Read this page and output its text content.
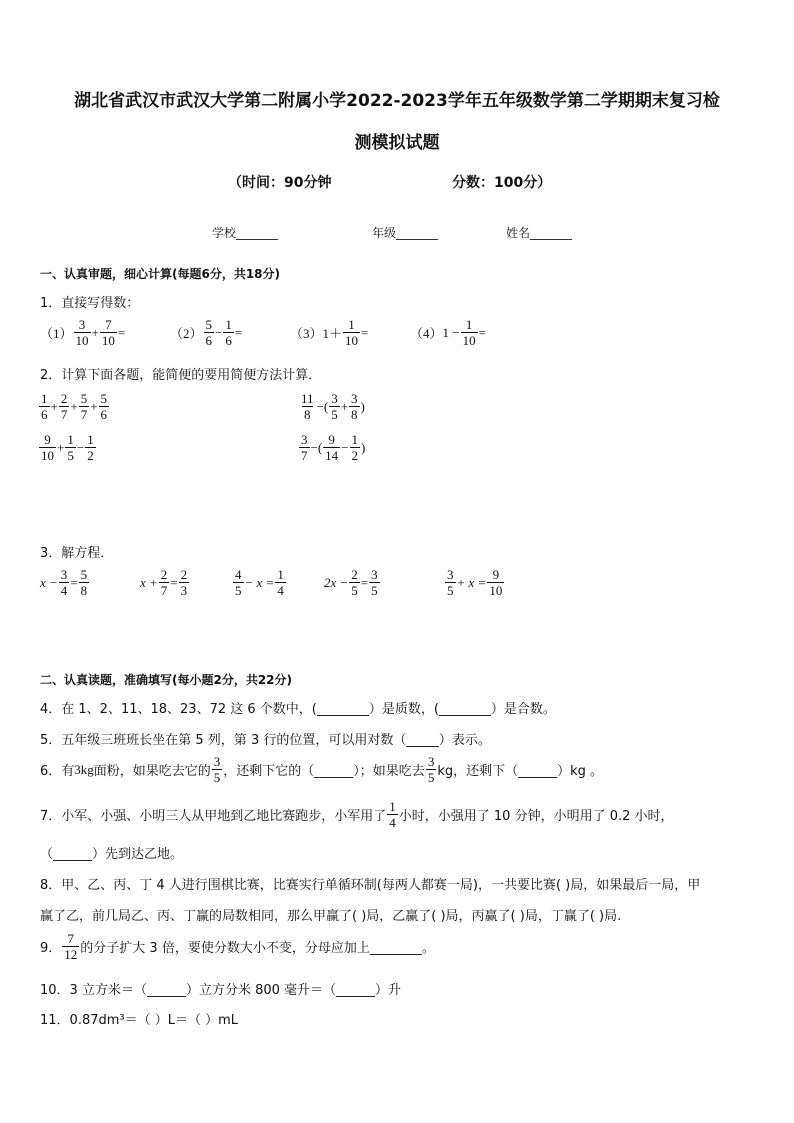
湖北省武汉市武汉大学第二附属小学2022-2023学年五年级数学第二学期期末复习检
测模拟试题
（时间：90分钟	分数：100分）
学校_______	年级_______	姓名_______
一、认真审题，细心计算(每题6分，共18分)
1．直接写得数：
$(1) \frac{3}{10} + \frac{7}{10}$ =	$(2) \frac{5}{6} - \frac{1}{6}$ =	（3） $1+ \frac{1}{10}$ =	（4） $1 - \frac{1}{10}$ =
2．计算下面各题，能简便的要用简便方法计算．
$\frac{1}{6} + \frac{2}{7} + \frac{5}{7} + \frac{5}{6}$	$\frac{11}{8}$ −( $\frac{3}{5} + \frac{3}{8}$ )
$\frac{9}{10} + \frac{1}{5} - \frac{1}{2}$	$\frac{3}{7}$ −( $\frac{9}{14} - \frac{1}{2}$ )
3．解方程．
$x - \frac{3}{4} = \frac{5}{8}$	$x + \frac{2}{7} = \frac{2}{3}$	$\frac{4}{5} - x = \frac{1}{4}$	$2x - \frac{2}{5} = \frac{3}{5}$	$\frac{3}{5} + x = \frac{9}{10}$
二、认真读题，准确填写(每小题2分，共22分)
4．在 1、2、11、18、23、72 这 6 个数中，(________）是质数，(________）是合数。
5．五年级三班班长坐在第 5 列，第 3 行的位置，可以用对数（_____）表示。
6．有 3kg 面粉，如果吃去它的 $\frac{3}{5}$ ，还剩下它的（______）；如果吃去 $\frac{3}{5}$ kg，还剩下（______）kg 。
7．小军、小强、小明三人从甲地到乙地比赛跑步，小军用了 $\frac{1}{4}$ 小时，小强用了 10 分钟，小明用了 0.2 小时，
（______）先到达乙地。
8．甲、乙、丙、丁 4 人进行围棋比赛，比赛实行单循环制(每两人都赛一局)，一共要比赛( )局，如果最后一局，甲
赢了乙，前几局乙、丙、丁赢的局数相同，那么甲赢了( )局，乙赢了( )局，丙赢了( )局，丁赢了( )局.
9． $\frac{7}{12}$ 的分子扩大 3 倍，要使分数大小不变，分母应加上________。
10．3 立方米＝（______）立方分米 800 毫升＝（______）升
11．0.87dm³＝（ ）L＝（ ）mL
